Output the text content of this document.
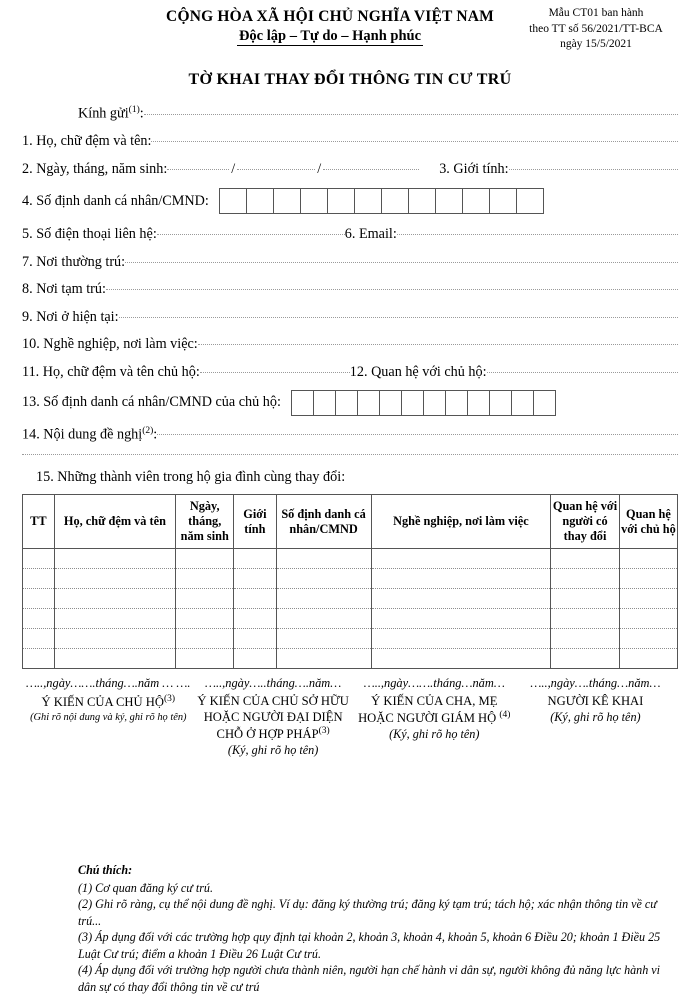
CỘNG HÒA XÃ HỘI CHỦ NGHĨA VIỆT NAM
Độc lập – Tự do – Hạnh phúc
Mẫu CT01 ban hành
theo TT số 56/2021/TT-BCA
ngày 15/5/2021
TỜ KHAI THAY ĐỔI THÔNG TIN CƯ TRÚ
Kính gửi$^{(1)}$:
1. Họ, chữ đệm và tên:
2. Ngày, tháng, năm sinh:	/	/	3. Giới tính:
4. Số định danh cá nhân/CMND:
5. Số điện thoại liên hệ:	6. Email:
7. Nơi thường trú:
8. Nơi tạm trú:
9. Nơi ở hiện tại:
10. Nghề nghiệp, nơi làm việc:
11. Họ, chữ đệm và tên chủ hộ:	12. Quan hệ với chủ hộ:
13. Số định danh cá nhân/CMND của chủ hộ:
14. Nội dung đề nghị$^{(2)}$:
15. Những thành viên trong hộ gia đình cùng thay đổi:
TT	Họ, chữ đệm và tên	Ngày, tháng, năm sinh	Giới tính	Số định danh cá nhân/CMND	Nghề nghiệp, nơi làm việc	Quan hệ với người có thay đổi	Quan hệ với chủ hộ

…..,ngày…….tháng….năm … ….
Ý KIẾN CỦA CHỦ HỘ$^{(3)}$
(Ghi rõ nội dung và ký, ghi rõ họ tên)
…..,ngày…..tháng….năm…
Ý KIẾN CỦA CHỦ SỞ HỮU HOẶC NGƯỜI ĐẠI DIỆN CHỖ Ở HỢP PHÁP$^{(3)}$
(Ký, ghi rõ họ tên)
…..,ngày…….tháng…năm…
Ý KIẾN CỦA CHA, MẸ HOẶC NGƯỜI GIÁM HỘ $^{(4)}$
(Ký, ghi rõ họ tên)
…..,ngày….tháng…năm…
NGƯỜI KÊ KHAI
(Ký, ghi rõ họ tên)
Chú thích:

(1) Cơ quan đăng ký cư trú.

(2) Ghi rõ ràng, cụ thể nội dung đề nghị. Ví dụ: đăng ký thường trú; đăng ký tạm trú; tách hộ; xác nhận thông tin về cư trú...

(3) Áp dụng đối với các trường hợp quy định tại khoản 2, khoản 3, khoản 4, khoản 5, khoản 6 Điều 20; khoản 1 Điều 25 Luật Cư trú; điểm a khoản 1 Điều 26 Luật Cư trú.

(4) Áp dụng đối với trường hợp người chưa thành niên, người hạn chế hành vi dân sự, người không đủ năng lực hành vi dân sự có thay đổi thông tin về cư trú
